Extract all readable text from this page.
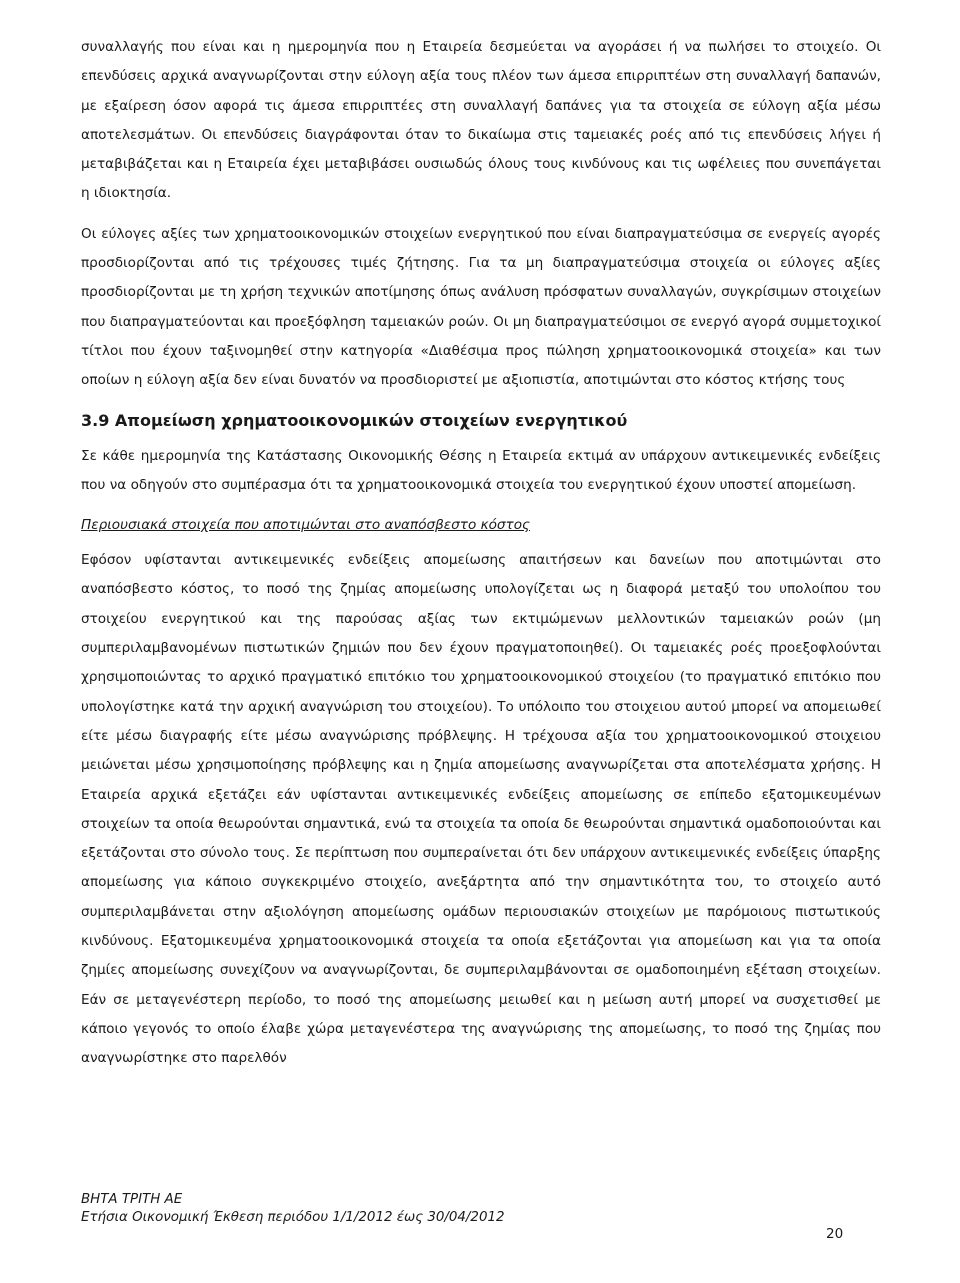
συναλλαγής που είναι και η ημερομηνία που η Εταιρεία δεσμεύεται να αγοράσει ή να πωλήσει το στοιχείο. Οι επενδύσεις αρχικά αναγνωρίζονται στην εύλογη αξία τους πλέον των άμεσα επιρριπτέων στη συναλλαγή δαπανών, με εξαίρεση όσον αφορά τις άμεσα επιρριπτέες στη συναλλαγή δαπάνες για τα στοιχεία σε εύλογη αξία μέσω αποτελεσμάτων. Οι επενδύσεις διαγράφονται όταν το δικαίωμα στις ταμειακές ροές από τις επενδύσεις λήγει ή μεταβιβάζεται και η Εταιρεία έχει μεταβιβάσει ουσιωδώς όλους τους κινδύνους και τις ωφέλειες που συνεπάγεται η ιδιοκτησία.

Οι εύλογες αξίες των χρηματοοικονομικών στοιχείων ενεργητικού που είναι διαπραγματεύσιμα σε ενεργείς αγορές προσδιορίζονται από τις τρέχουσες τιμές ζήτησης. Για τα μη διαπραγματεύσιμα στοιχεία οι εύλογες αξίες προσδιορίζονται με τη χρήση τεχνικών αποτίμησης όπως ανάλυση πρόσφατων συναλλαγών, συγκρίσιμων στοιχείων που διαπραγματεύονται και προεξόφληση ταμειακών ροών. Οι μη διαπραγματεύσιμοι σε ενεργό αγορά συμμετοχικοί τίτλοι που έχουν ταξινομηθεί στην κατηγορία «Διαθέσιμα προς πώληση χρηματοοικονομικά στοιχεία» και των οποίων η εύλογη αξία δεν είναι δυνατόν να προσδιοριστεί με αξιοπιστία, αποτιμώνται στο κόστος κτήσης τους

3.9 Απομείωση χρηματοοικονομικών στοιχείων ενεργητικού

Σε κάθε ημερομηνία της Κατάστασης Οικονομικής Θέσης η Εταιρεία εκτιμά αν υπάρχουν αντικειμενικές ενδείξεις που να οδηγούν στο συμπέρασμα ότι τα χρηματοοικονομικά στοιχεία του ενεργητικού έχουν υποστεί απομείωση.

Περιουσιακά στοιχεία που αποτιμώνται στο αναπόσβεστο κόστος

Εφόσον υφίστανται αντικειμενικές ενδείξεις απομείωσης απαιτήσεων και δανείων που αποτιμώνται στο αναπόσβεστο κόστος, το ποσό της ζημίας απομείωσης υπολογίζεται ως η διαφορά μεταξύ του υπολοίπου του στοιχείου ενεργητικού και της παρούσας αξίας των εκτιμώμενων μελλοντικών ταμειακών ροών (μη συμπεριλαμβανομένων πιστωτικών ζημιών που δεν έχουν πραγματοποιηθεί). Οι ταμειακές ροές προεξοφλούνται χρησιμοποιώντας το αρχικό πραγματικό επιτόκιο του χρηματοοικονομικού στοιχείου (το πραγματικό επιτόκιο που υπολογίστηκε κατά την αρχική αναγνώριση του στοιχείου). Το υπόλοιπο του στοιχειου αυτού μπορεί να απομειωθεί είτε μέσω διαγραφής είτε μέσω αναγνώρισης πρόβλεψης. Η τρέχουσα αξία του χρηματοοικονομικού στοιχειου μειώνεται μέσω χρησιμοποίησης πρόβλεψης και η ζημία απομείωσης αναγνωρίζεται στα αποτελέσματα χρήσης. Η Εταιρεία αρχικά εξετάζει εάν υφίστανται αντικειμενικές ενδείξεις απομείωσης σε επίπεδο εξατομικευμένων στοιχείων τα οποία θεωρούνται σημαντικά, ενώ τα στοιχεία τα οποία δε θεωρούνται σημαντικά ομαδοποιούνται και εξετάζονται στο σύνολο τους. Σε περίπτωση που συμπεραίνεται ότι δεν υπάρχουν αντικειμενικές ενδείξεις ύπαρξης απομείωσης για κάποιο συγκεκριμένο στοιχείο, ανεξάρτητα από την σημαντικότητα του, το στοιχείο αυτό συμπεριλαμβάνεται στην αξιολόγηση απομείωσης ομάδων περιουσιακών στοιχείων με παρόμοιους πιστωτικούς κινδύνους. Εξατομικευμένα χρηματοοικονομικά στοιχεία τα οποία εξετάζονται για απομείωση και για τα οποία ζημίες απομείωσης συνεχίζουν να αναγνωρίζονται, δε συμπεριλαμβάνονται σε ομαδοποιημένη εξέταση στοιχείων. Εάν σε μεταγενέστερη περίοδο, το ποσό της απομείωσης μειωθεί και η μείωση αυτή μπορεί να συσχετισθεί με κάποιο γεγονός το οποίο έλαβε χώρα μεταγενέστερα της αναγνώρισης της απομείωσης, το ποσό της ζημίας που αναγνωρίστηκε στο παρελθόν

ΒΗΤΑ ΤΡΙΤΗ ΑΕ
Ετήσια Οικονομική Έκθεση περιόδου 1/1/2012 έως 30/04/2012
20
